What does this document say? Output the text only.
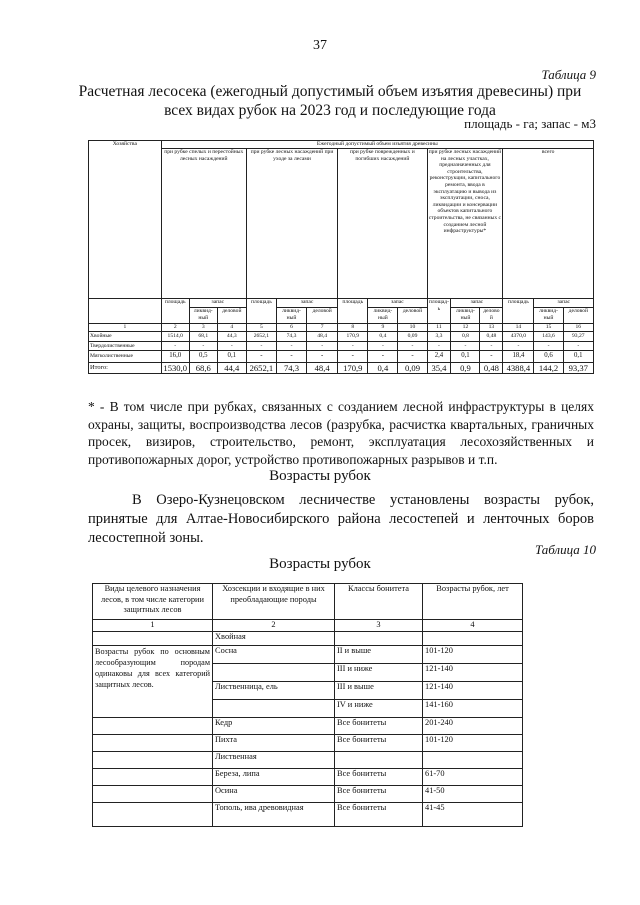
37
Таблица 9
Расчетная лесосека (ежегодный допустимый объем изъятия древесины) при всех видах рубок на 2023 год и последующие года
площадь - га; запас - м3
Хозяйства	Ежегодный допустимый объем изъятия древесины														
	при рубке спелых и перестойных лесных насаждений			при рубке лесных насаждений при уходе за лесами			при рубке поврежденных и погибших насаждений			при рубке лесных насаждений на лесных участках, предназначенных для строительства, реконструкции, капитального ремонта, ввода в эксплуатацию и вывода из эксплуатации, сноса, ликвидации и консервации объектов капитального строительства, не связанных с созданием лесной инфраструктуры*			всего		
	площадь	запас		площадь	запас		площадь	запас		площад- ь	запас		площадь	запас	
		ликвид- ный	деловой		ликвид- ный	деловой		ликвид- ный	деловой		ликвид- ный	делово й		ликвид- ный	деловой
1	2	3	4	5	6	7	8	9	10	11	12	13	14	15	16
Хвойные	1514,0	68,1	44,3	2652,1	74,3	48,4	170,9	0,4	0,09	3,3	0,8	0,48	4370,0	143,6	93,27
Твердолиственные	-	-	-	-	-	-	-	-	-	-	-	-	-	-	-
Мягколиственные	16,0	0,5	0,1	-	-	-	-	-	-	2,4	0,1	-	18,4	0,6	0,1
Итого:	1530,0	68,6	44,4	2652,1	74,3	48,4	170,9	0,4	0,09	35,4	0,9	0,48	4388,4	144,2	93,37
* - В том числе при рубках, связанных с созданием лесной инфраструктуры в целях охраны, защиты, воспроизводства лесов (разрубка, расчистка квартальных, граничных просек, визиров, строительство, ремонт, эксплуатация лесохозяйственных и противопожарных дорог, устройство противопожарных разрывов и т.п.
Возрасты рубок
В Озеро-Кузнецовском лесничестве установлены возрасты рубок, принятые для Алтае-Новосибирского района лесостепей и ленточных боров лесостепной зоны.
Таблица 10
Возрасты рубок
Виды целевого назначения лесов, в том числе категории защитных лесов	Хозсекции и входящие в них преобладающие породы	Классы бонитета	Возрасты рубок, лет
1	2	3	4
	Хвойная		
Возрасты рубок по основным лесообразующим породам одинаковы для всех категорий защитных лесов.	Сосна	II и выше	101-120
		III и ниже	121-140
	Лиственница, ель	III и выше	121-140
		IV и ниже	141-160
	Кедр	Все бонитеты	201-240
	Пихта	Все бонитеты	101-120
	Лиственная		
	Береза, липа	Все бонитеты	61-70
	Осина	Все бонитеты	41-50
	Тополь, ива древовидная	Все бонитеты	41-45
